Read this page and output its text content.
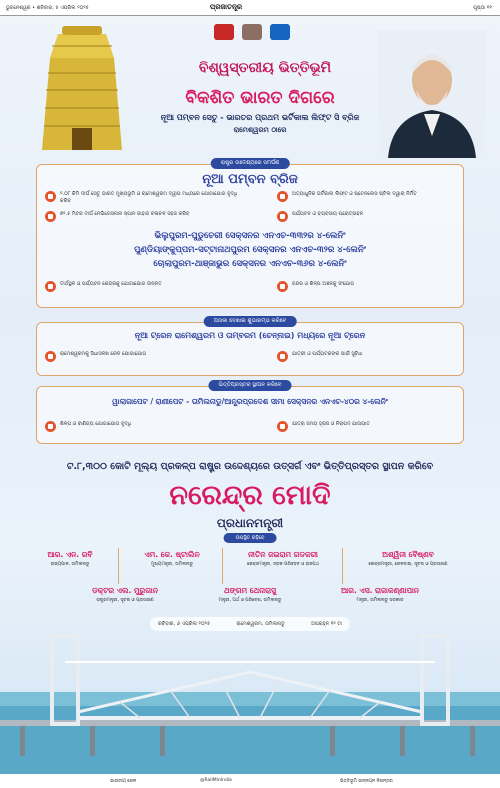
ଭୁବନେଶ୍ୱର • ଶନିବାର, ୫ ଏପ୍ରିଲ ୨୦୨୫	ପ୍ରଜାତନ୍ତ୍ର	ପୃଷ୍ଠା ୧୧
ବିଶ୍ୱସ୍ତରୀୟ ଭିତ୍ତିଭୂମି
ବିକଶିତ ଭାରତ ଦିଗରେ
ନୂଆ ପମ୍ବନ ସେତୁ - ଭାରତର ପ୍ରଥମ ଭର୍ଟିକାଲ ଲିଫ୍ଟ ସି ବ୍ରିଜ
ରାମେଶ୍ୱରମ ଠାରେ
ରାଷ୍ଟ୍ର ଉଦ୍ଦେଶ୍ୟରେ ସମର୍ପଣ
ନୂଆ ପମ୍ବନ ବ୍ରିଜ
୨.୦୮ କିମି ଦୀର୍ଘ ସେତୁ ଭାରତ ମୁଖ୍ୟଭୂମି ଓ ରାମେଶ୍ୱରମ ଦ୍ୱୀପ ମଧ୍ୟରେ ଯୋଗାଯୋଗ ବୃଦ୍ଧି କରିବ
ଅତ୍ୟାଧୁନିକ ଭର୍ଟିକାଲ ଲିଫ୍ଟ ଓ ଷ୍ଟେନଲେସ ଷ୍ଟିଲ ଦ୍ୱାରା ନିର୍ମିତ
୭୨.୫ ମିଟର ଦୀର୍ଘ ନେଭିଗେସନାଲ ସ୍ପାନ ଜାହାଜ ଚଳାଚଳ ସହଜ କରିବ	ପର୍ଯ୍ୟଟନ ଓ ବ୍ୟବସାୟ ପ୍ରୋତ୍ସାହନ
ଭିଲୁପୁରମ-ପୁଡୁଚେରୀ ସେକ୍ସନର ଏନଏଚ-୩୩୨ର ୪-ଲେନିଂ
ପୁଣ୍ଡିୟାଙ୍କୁପ୍ପମ-ସଟ୍ଟାନାଥପୁରମ ସେକ୍ସନର ଏନଏଚ-୩୨ର ୪-ଲେନିଂ
ଚୋଲାପୁରମ-ଥାଞ୍ଜାଭୁର ସେକ୍ସନର ଏନଏଚ-୩୬ର ୪-ଲେନିଂ
ତୀର୍ଥସ୍ଥଳ ଓ ପର୍ଯ୍ୟଟନ କେନ୍ଦ୍ରକୁ ଯୋଗାଯୋଗ ଉନ୍ନତ	ବନ୍ଦର ଓ ଶିଳ୍ପ ଅଞ୍ଚଳକୁ ସଂଯୋଗ
ପତାକା ଦେଖାଇ ଶୁଭାରମ୍ଭ କରିବେ
ନୂଆ ଟ୍ରେନ ରାମେଶ୍ୱରମ ଓ ତାମ୍ବରମ (ଚେନ୍ନାଇ) ମଧ୍ୟରେ ନୂଆ ଟ୍ରେନ
ରାମେଶ୍ୱରମକୁ ସିଧାସଳଖ ରେଳ ଯୋଗାଯୋଗ	ଯାତ୍ରୀ ଓ ପର୍ଯ୍ୟଟକଙ୍କ ପାଇଁ ସୁବିଧା
ଭିତ୍ତିପ୍ରସ୍ତର ସ୍ଥାପନ କରିବେ
ୱାଲାଜାପେଟ / ରାଣୀପେଟ - ତାମିଲନାଡୁ/ଆନ୍ଧ୍ରପ୍ରଦେଶ ସୀମା ସେକ୍ସନର ଏନଏଚ-୪୦ର ୪-ଲେନିଂ
ଶିଳ୍ପ ଓ ବାଣିଜ୍ୟ ଯୋଗାଯୋଗ ବୃଦ୍ଧି	ଯାତ୍ରା ସମୟ ହ୍ରାସ ଓ ନିରାପଦ ଯାତାୟାତ
ଟ.୮,୩୦୦ କୋଟି ମୂଲ୍ୟ ପ୍ରକଳ୍ପ ରାଷ୍ଟ୍ର ଉଦ୍ଦେଶ୍ୟରେ ଉତ୍ସର୍ଗ ଏବଂ ଭିତ୍ତିପ୍ରସ୍ତର ସ୍ଥାପନ କରିବେ
ନରେନ୍ଦ୍ର ମୋଦି
ପ୍ରଧାନମନ୍ତ୍ରୀ
ଉପସ୍ଥିତ ରହିବେ
ଆର. ଏନ. ରବି
ରାଜ୍ୟପାଳ, ତାମିଲନାଡୁ
ଏମ. କେ. ଷ୍ଟାଲିନ
ମୁଖ୍ୟମନ୍ତ୍ରୀ, ତାମିଲନାଡୁ
ନୀତିନ ଜଇରାମ ଗଡକରୀ
କେନ୍ଦ୍ରମନ୍ତ୍ରୀ, ସଡ଼କ ପରିବହନ ଓ ରାଜପଥ
ଅଶ୍ୱିନୀ ବୈଷ୍ଣବ
କେନ୍ଦ୍ରମନ୍ତ୍ରୀ, ରେଳବାଇ, ସୂଚନା ଓ ପ୍ରସାରଣ
ଡକ୍ଟର ଏଲ. ମୁରୁଗାନ
ରାଷ୍ଟ୍ରମନ୍ତ୍ରୀ, ସୂଚନା ଓ ପ୍ରସାରଣ
ଥଙ୍ଗମ ଥେନାରାସୁ
ମନ୍ତ୍ରୀ, ଅର୍ଥ ଓ ପରିବେଶ, ତାମିଲନାଡୁ
ଆର. ଏସ. ରାଜାକଣ୍ଣାପାନ
ମନ୍ତ୍ରୀ, ତାମିଲନାଡୁ ସରକାର
ରବିବାର, ୬ ଏପ୍ରିଲ ୨୦୨୫	ରାମେଶ୍ୱରମ, ତାମିଲନାଡୁ	ଅପରାହ୍ନ ୧୨ ଟା
ଭାରତୀୟ ରେଳ	@RailMinIndia	ଭିତ୍ତିଭୂମି ଉନ୍ନୟନ ନିରନ୍ତର
